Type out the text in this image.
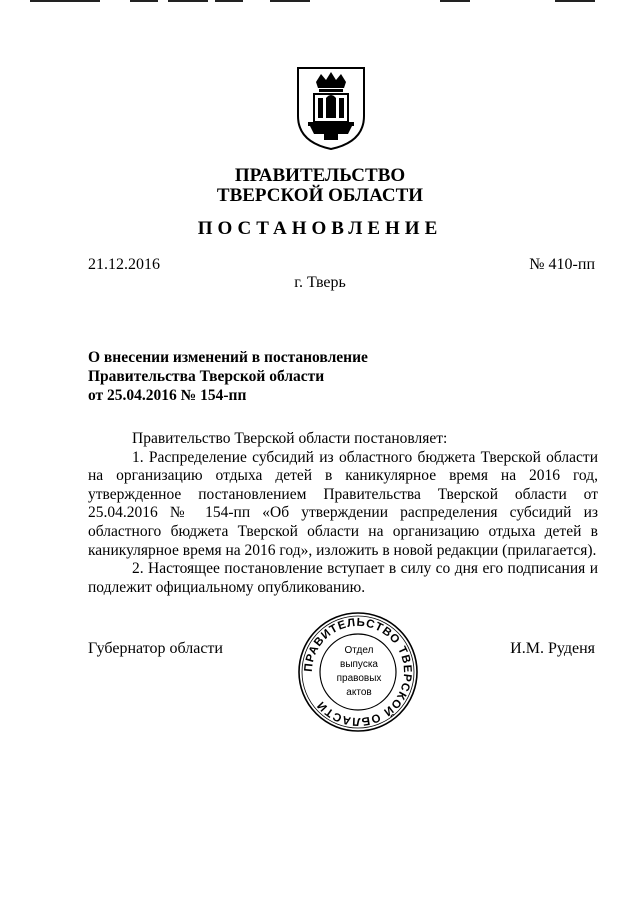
ПРАВИТЕЛЬСТВО
ТВЕРСКОЙ ОБЛАСТИ
ПОСТАНОВЛЕНИЕ
21.12.2016	№ 410-пп
г. Тверь
О внесении изменений в постановление
Правительства Тверской области
от 25.04.2016 № 154-пп

Правительство Тверской области постановляет:

1. Распределение субсидий из областного бюджета Тверской области на организацию отдыха детей в каникулярное время на 2016 год, утвержденное постановлением Правительства Тверской области от 25.04.2016 № 154-пп «Об утверждении распределения субсидий из областного бюджета Тверской области на организацию отдыха детей в каникулярное время на 2016 год», изложить в новой редакции (прилагается).

2. Настоящее постановление вступает в силу со дня его подписания и подлежит официальному опубликованию.

Губернатор области	И.М. Руденя
ПРАВИТЕЛЬСТВО ТВЕРСКОЙ ОБЛАСТИ
Отдел
выпуска
правовых
актов
